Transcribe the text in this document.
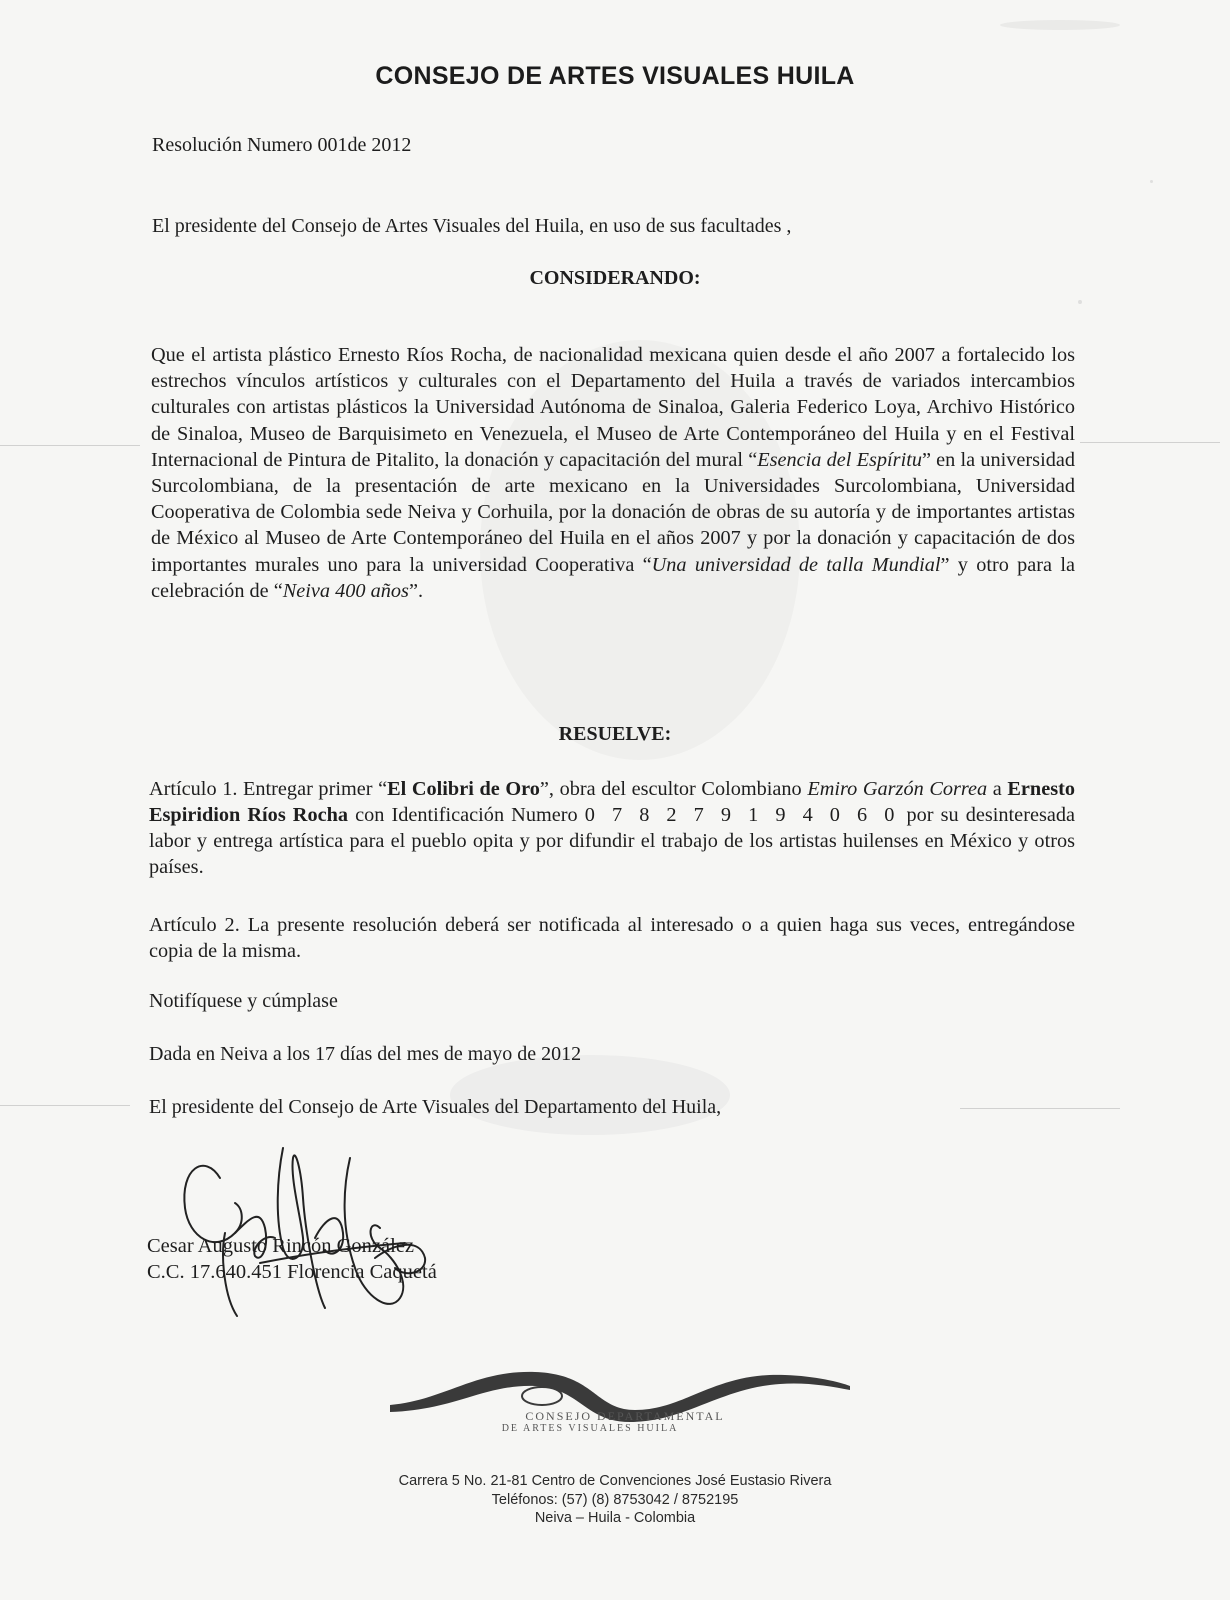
CONSEJO DE ARTES VISUALES HUILA
Resolución Numero 001de 2012
El presidente del Consejo de Artes Visuales del Huila, en uso de sus facultades ,
CONSIDERANDO:
Que el artista plástico Ernesto Ríos Rocha, de nacionalidad mexicana quien desde el año 2007 a fortalecido los estrechos vínculos artísticos y culturales con el Departamento del Huila a través de variados intercambios culturales con artistas plásticos la Universidad Autónoma de Sinaloa, Galeria Federico Loya, Archivo Histórico de Sinaloa, Museo de Barquisimeto en Venezuela, el Museo de Arte Contemporáneo del Huila y en el Festival Internacional de Pintura de Pitalito, la donación y capacitación del mural “Esencia del Espíritu” en la universidad Surcolombiana, de la presentación de arte mexicano en la Universidades Surcolombiana, Universidad Cooperativa de Colombia sede Neiva y Corhuila, por la donación de obras de su autoría y de importantes artistas de México al Museo de Arte Contemporáneo del Huila en el años 2007 y por la donación y capacitación de dos importantes murales uno para la universidad Cooperativa “Una universidad de talla Mundial” y otro para la celebración de “Neiva 400 años”.
RESUELVE:
Artículo 1. Entregar primer “El Colibri de Oro”, obra del escultor Colombiano Emiro Garzón Correa a Ernesto Espiridion Ríos Rocha con Identificación Numero 0 7 8 2 7 9 1 9 4 0 6 0 por su desinteresada labor y entrega artística para el pueblo opita y por difundir el trabajo de los artistas huilenses en México y otros países.
Artículo 2. La presente resolución deberá ser notificada al interesado o a quien haga sus veces, entregándose copia de la misma.
Notifíquese y cúmplase
Dada en Neiva a los 17 días del mes de mayo de 2012
El presidente del Consejo de Arte Visuales del Departamento del Huila,
Cesar Augusto Rincón González
C.C. 17.640.451 Florencia Caquetá
CONSEJO DEPARTAMENTAL
DE ARTES VISUALES HUILA
Carrera 5 No. 21-81 Centro de Convenciones José Eustasio Rivera
Teléfonos: (57) (8) 8753042 / 8752195
Neiva – Huila - Colombia
